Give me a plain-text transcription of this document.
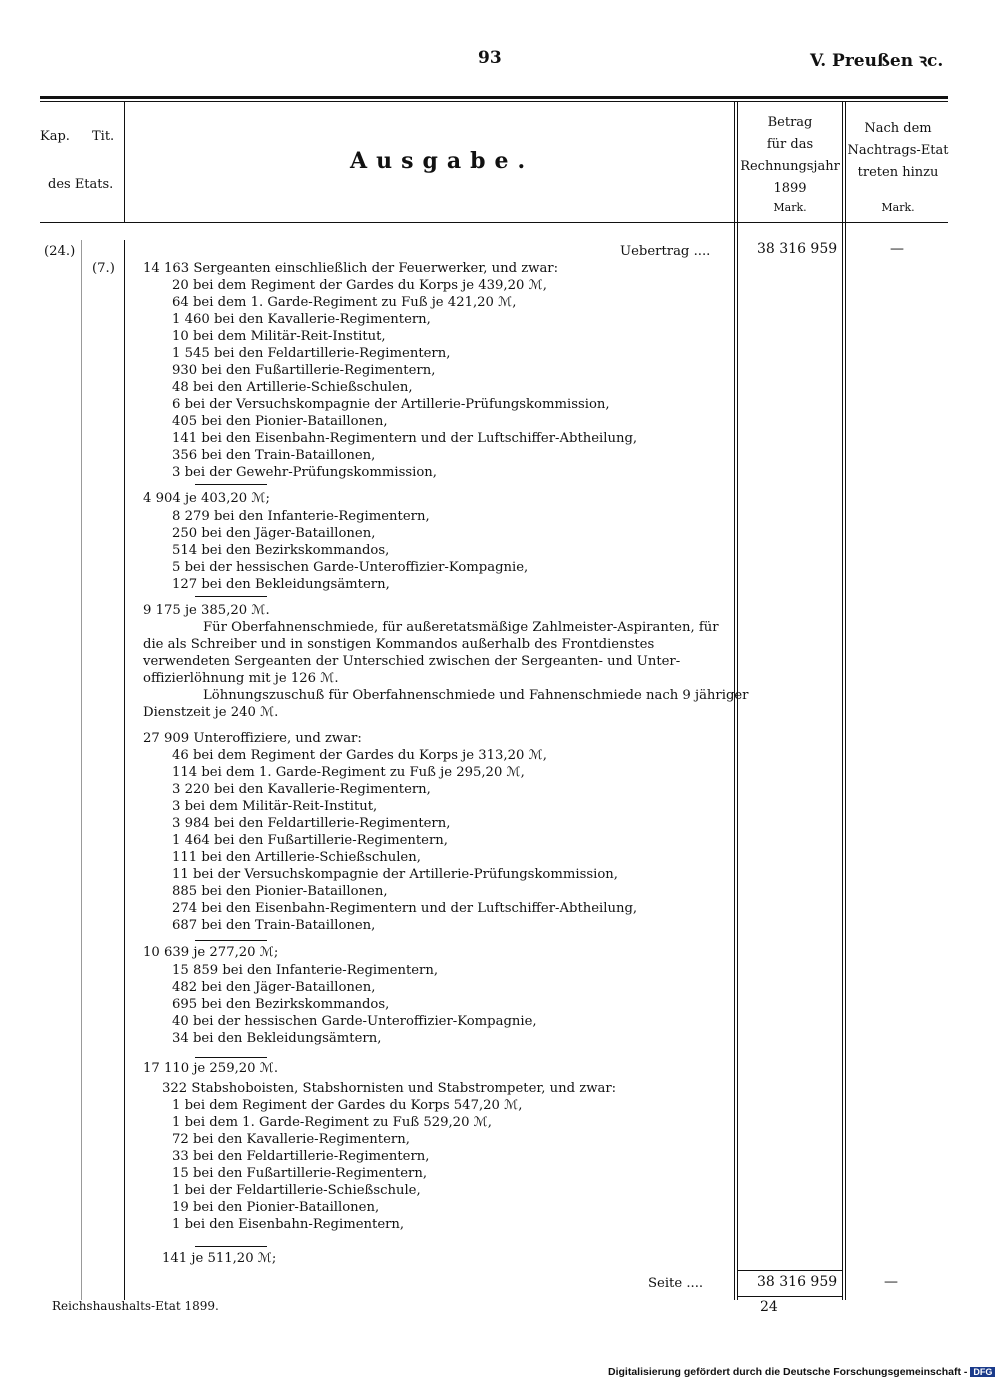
93	V. Preußen ꝛc.
Kap. Tit.
des Etats.
Ausgabe.
Betrag
für das
Rechnungsjahr
1899
Nach dem
Nachtrags-Etat
treten hinzu
Mark.	Mark.
(24.)
(7.)
Uebertrag ....	38 316 959	—
14 163 Sergeanten einschließlich der Feuerwerker, und zwar:
20 bei dem Regiment der Gardes du Korps je 439,20 ℳ,
64 bei dem 1. Garde-Regiment zu Fuß je 421,20 ℳ,
1 460 bei den Kavallerie-Regimentern,
10 bei dem Militär-Reit-Institut,
1 545 bei den Feldartillerie-Regimentern,
930 bei den Fußartillerie-Regimentern,
48 bei den Artillerie-Schießschulen,
6 bei der Versuchskompagnie der Artillerie-Prüfungskommission,
405 bei den Pionier-Bataillonen,
141 bei den Eisenbahn-Regimentern und der Luftschiffer-Abtheilung,
356 bei den Train-Bataillonen,
3 bei der Gewehr-Prüfungskommission,
4 904 je 403,20 ℳ;
8 279 bei den Infanterie-Regimentern,
250 bei den Jäger-Bataillonen,
514 bei den Bezirkskommandos,
5 bei der hessischen Garde-Unteroffizier-Kompagnie,
127 bei den Bekleidungsämtern,
9 175 je 385,20 ℳ.
Für Oberfahnenschmiede, für außeretatsmäßige Zahlmeister-Aspiranten, für
die als Schreiber und in sonstigen Kommandos außerhalb des Frontdienstes
verwendeten Sergeanten der Unterschied zwischen der Sergeanten- und Unter-
offizierlöhnung mit je 126 ℳ.
Löhnungszuschuß für Oberfahnenschmiede und Fahnenschmiede nach 9 jähriger
Dienstzeit je 240 ℳ.
27 909 Unteroffiziere, und zwar:
46 bei dem Regiment der Gardes du Korps je 313,20 ℳ,
114 bei dem 1. Garde-Regiment zu Fuß je 295,20 ℳ,
3 220 bei den Kavallerie-Regimentern,
3 bei dem Militär-Reit-Institut,
3 984 bei den Feldartillerie-Regimentern,
1 464 bei den Fußartillerie-Regimentern,
111 bei den Artillerie-Schießschulen,
11 bei der Versuchskompagnie der Artillerie-Prüfungskommission,
885 bei den Pionier-Bataillonen,
274 bei den Eisenbahn-Regimentern und der Luftschiffer-Abtheilung,
687 bei den Train-Bataillonen,
10 639 je 277,20 ℳ;
15 859 bei den Infanterie-Regimentern,
482 bei den Jäger-Bataillonen,
695 bei den Bezirkskommandos,
40 bei der hessischen Garde-Unteroffizier-Kompagnie,
34 bei den Bekleidungsämtern,
17 110 je 259,20 ℳ.
322 Stabshoboisten, Stabshornisten und Stabstrompeter, und zwar:
1 bei dem Regiment der Gardes du Korps 547,20 ℳ,
1 bei dem 1. Garde-Regiment zu Fuß 529,20 ℳ,
72 bei den Kavallerie-Regimentern,
33 bei den Feldartillerie-Regimentern,
15 bei den Fußartillerie-Regimentern,
1 bei der Feldartillerie-Schießschule,
19 bei den Pionier-Bataillonen,
1 bei den Eisenbahn-Regimentern,
141 je 511,20 ℳ;
Seite ....	38 316 959	—
Reichshaushalts-Etat 1899.	24
Digitalisierung gefördert durch die Deutsche Forschungsgemeinschaft - DFG
